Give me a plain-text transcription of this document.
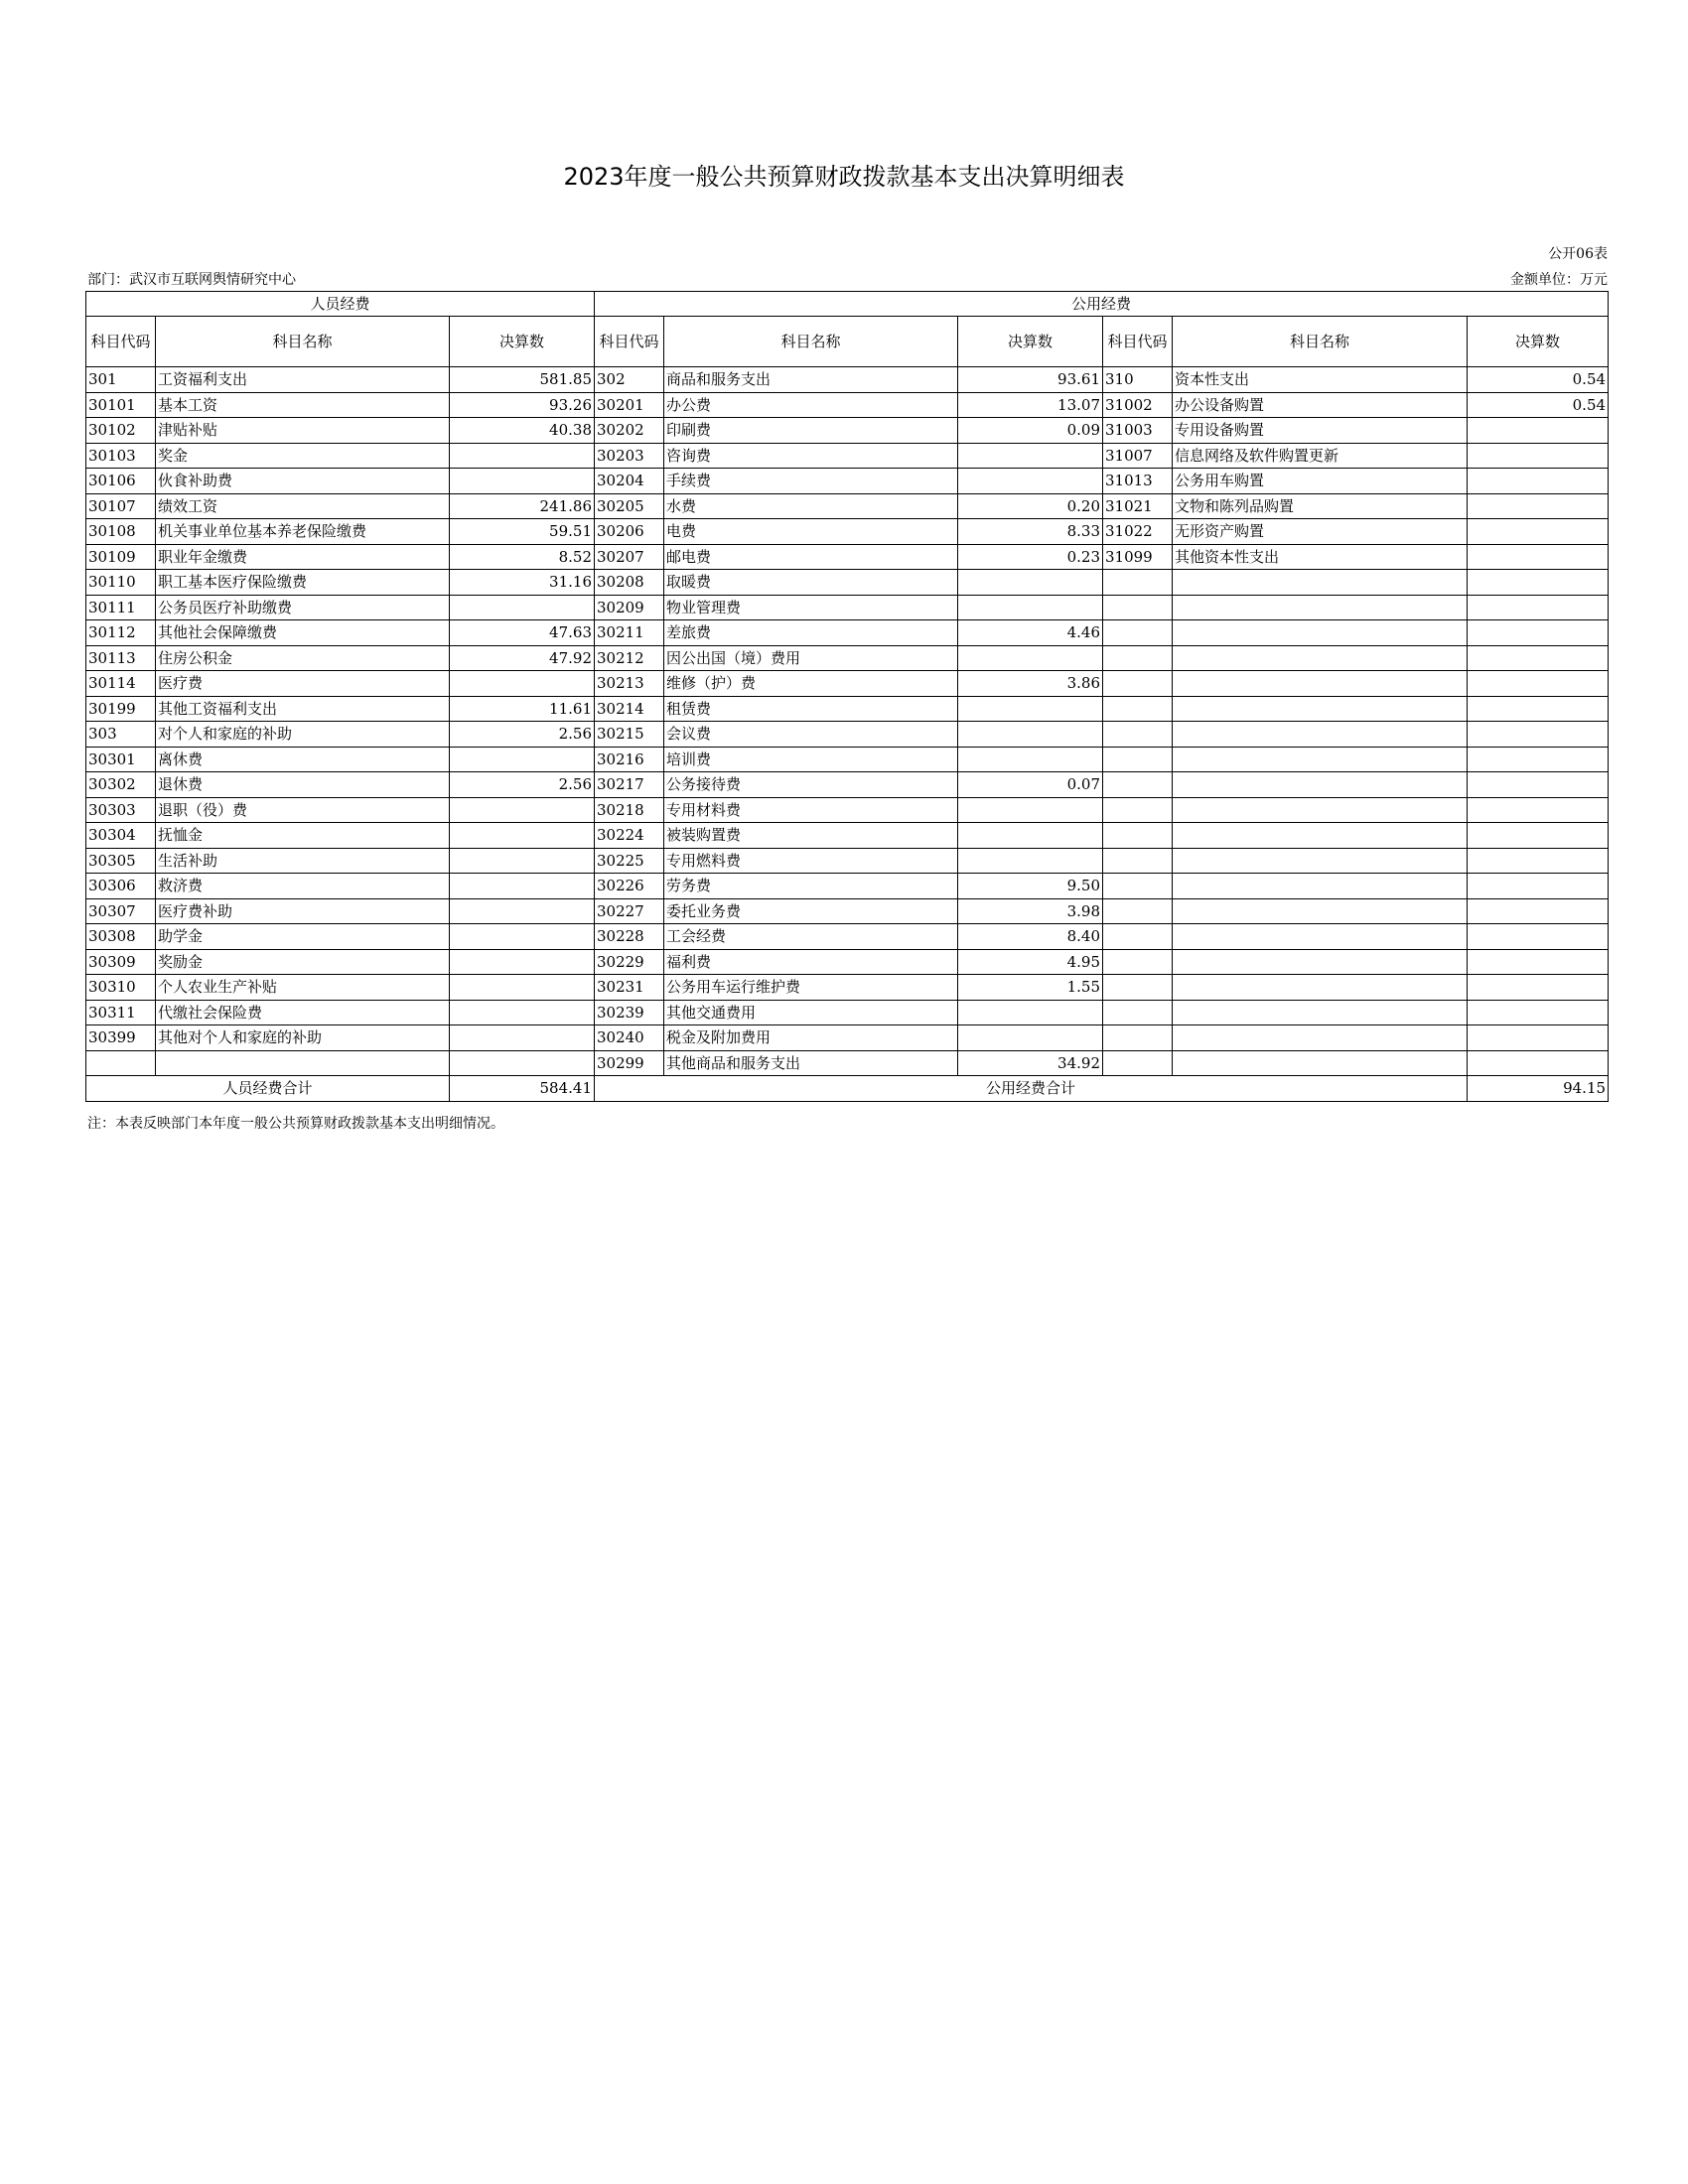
2023年度一般公共预算财政拨款基本支出决算明细表
公开06表
部门：武汉市互联网舆情研究中心	金额单位：万元
人员经费			公用经费					
科目代码	科目名称	决算数	科目代码	科目名称	决算数	科目代码	科目名称	决算数
301	工资福利支出	581.85	302	商品和服务支出	93.61	310	资本性支出	0.54
30101	基本工资	93.26	30201	办公费	13.07	31002	办公设备购置	0.54
30102	津贴补贴	40.38	30202	印刷费	0.09	31003	专用设备购置	
30103	奖金		30203	咨询费		31007	信息网络及软件购置更新	
30106	伙食补助费		30204	手续费		31013	公务用车购置	
30107	绩效工资	241.86	30205	水费	0.20	31021	文物和陈列品购置	
30108	机关事业单位基本养老保险缴费	59.51	30206	电费	8.33	31022	无形资产购置	
30109	职业年金缴费	8.52	30207	邮电费	0.23	31099	其他资本性支出	
30110	职工基本医疗保险缴费	31.16	30208	取暖费				
30111	公务员医疗补助缴费		30209	物业管理费				
30112	其他社会保障缴费	47.63	30211	差旅费	4.46			
30113	住房公积金	47.92	30212	因公出国（境）费用				
30114	医疗费		30213	维修（护）费	3.86			
30199	其他工资福利支出	11.61	30214	租赁费				
303	对个人和家庭的补助	2.56	30215	会议费				
30301	离休费		30216	培训费				
30302	退休费	2.56	30217	公务接待费	0.07			
30303	退职（役）费		30218	专用材料费				
30304	抚恤金		30224	被装购置费				
30305	生活补助		30225	专用燃料费				
30306	救济费		30226	劳务费	9.50			
30307	医疗费补助		30227	委托业务费	3.98			
30308	助学金		30228	工会经费	8.40			
30309	奖励金		30229	福利费	4.95			
30310	个人农业生产补贴		30231	公务用车运行维护费	1.55			
30311	代缴社会保险费		30239	其他交通费用				
30399	其他对个人和家庭的补助		30240	税金及附加费用				
			30299	其他商品和服务支出	34.92			
人员经费合计		584.41	公用经费合计					94.15
注：本表反映部门本年度一般公共预算财政拨款基本支出明细情况。
